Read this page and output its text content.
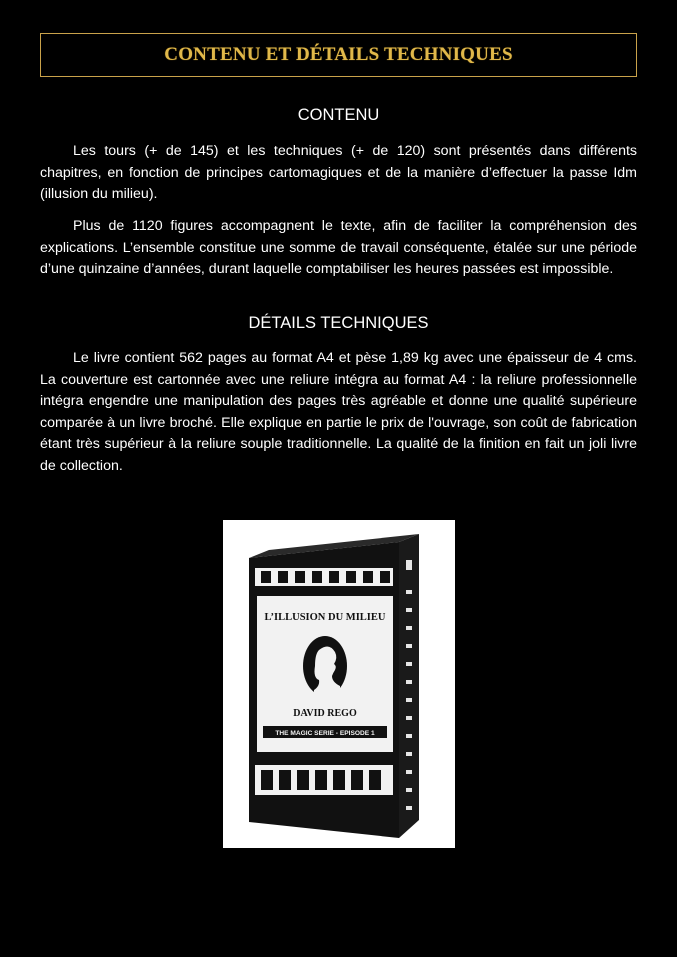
CONTENU ET DÉTAILS TECHNIQUES
CONTENU

Les tours (+ de 145) et les techniques (+ de 120) sont présentés dans différents chapitres, en fonction de principes cartomagiques et de la manière d’effectuer la passe Idm (illusion du milieu).

Plus de 1120 figures accompagnent le texte, afin de faciliter la compréhension des explications. L’ensemble constitue une somme de travail conséquente, étalée sur une période d’une quinzaine d’années, durant laquelle comptabiliser les heures passées est impossible.

DÉTAILS TECHNIQUES

Le livre contient 562 pages au format A4 et pèse 1,89 kg avec une épaisseur de 4 cms. La couverture est cartonnée avec une reliure intégra au format A4 : la reliure professionnelle intégra engendre une manipulation des pages très agréable et donne une qualité supérieure comparée à un livre broché. Elle explique en partie le prix de l'ouvrage, son coût de fabrication étant très supérieur à la reliure souple traditionnelle. La qualité de la finition en fait un joli livre de collection.

L’ILLUSION DU MILIEU
DAVID REGO
THE MAGIC SERIE - EPISODE 1
